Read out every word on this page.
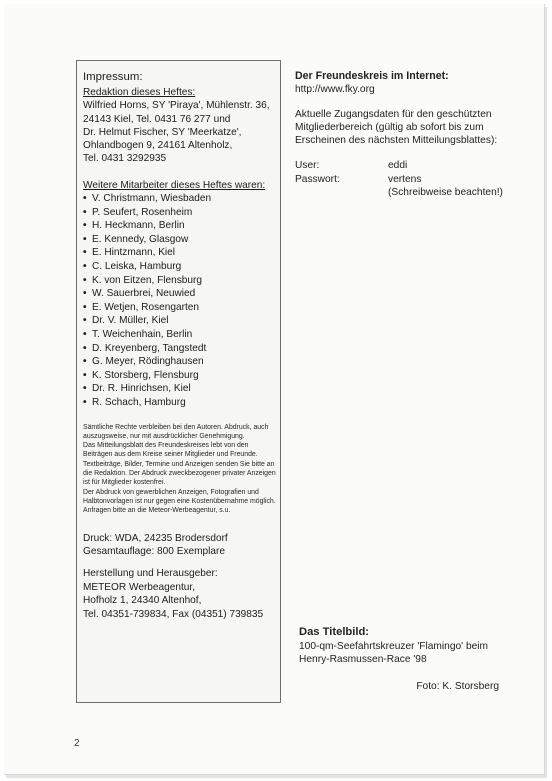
Impressum:
Redaktion dieses Heftes:
Wilfried Horns, SY 'Piraya', Mühlenstr. 36,
24143 Kiel, Tel. 0431 76 277 und
Dr. Helmut Fischer, SY 'Meerkatze',
Ohlandbogen 9, 24161 Altenholz,
Tel. 0431 3292935
Weitere Mitarbeiter dieses Heftes waren:
• V. Christmann, Wiesbaden
• P. Seufert, Rosenheim
• H. Heckmann, Berlin
• E. Kennedy, Glasgow
• E. Hintzmann, Kiel
• C. Leiska, Hamburg
• K. von Eitzen, Flensburg
• W. Sauerbrei, Neuwied
• E. Wetjen, Rosengarten
• Dr. V. Müller, Kiel
• T. Weichenhain, Berlin
• D. Kreyenberg, Tangstedt
• G. Meyer, Rödinghausen
• K. Storsberg, Flensburg
• Dr. R. Hinrichsen, Kiel
• R. Schach, Hamburg

Sämtliche Rechte verbleiben bei den Autoren. Abdruck, auch auszugsweise, nur mit ausdrücklicher Genehmigung.

Das Mitteilungsblatt des Freundeskreises lebt von den Beiträgen aus dem Kreise seiner Mitglieder und Freunde. Textbeiträge, Bilder, Termine und Anzeigen senden Sie bitte an die Redaktion. Der Abdruck zweckbezogener privater Anzeigen ist für Mitglieder kostenfrei.

Der Abdruck von gewerblichen Anzeigen, Fotografien und Halbtonvorlagen ist nur gegen eine Kostenübernahme möglich. Anfragen bitte an die Meteor-Werbeagentur, s.u.

Druck: WDA, 24235 Brodersdorf
Gesamtauflage: 800 Exemplare
Herstellung und Herausgeber:
METEOR Werbeagentur,
Hofholz 1, 24340 Altenhof,
Tel. 04351-739834, Fax (04351) 739835
Der Freundeskreis im Internet:
http://www.fky.org
Aktuelle Zugangsdaten für den geschützten
Mitgliederbereich (gültig ab sofort bis zum
Erscheinen des nächsten Mitteilungsblattes):
User:	eddi
Passwort:	vertens
(Schreibweise beachten!)
Das Titelbild:
100-qm-Seefahrtskreuzer 'Flamingo' beim
Henry-Rasmussen-Race '98
Foto: K. Storsberg
2
